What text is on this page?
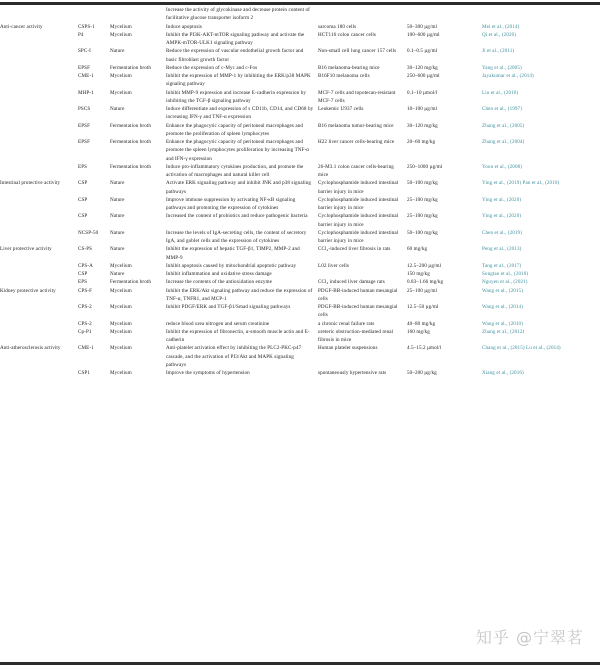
			Increase the activity of glycokinase and decrease protein content of facilitative glucose transporter isoform 2			
Anti-cancer activity	CSPS-1	Mycelium	Induce apoptosis	sarcoma 180 cells	50–300 µg/ml	Mei et al., (2014)
	P4	Mycelium	Inhibit the PI3K-AKT-mTOR signaling pathway and activate the AMPK-mTOR-ULK1 signaling pathway	HCT116 colon cancer cells	100–600 µg/ml	Qi et al., (2020)
	SPC-I	Nature	Reduce the expression of vascular endothelial growth factor and basic fibroblast growth factor	Non-small cell lung cancer 157 cells	0.1–0.5 µg/ml	Ji et al., (2011)
	EPSF	Fermentation broth	Reduce the expression of c-Myc and c-Fos	B16 melanoma-bearing mice	30–120 mg/kg	Yang et al., (2005)
	CME-1	Mycelium	Inhibit the expression of MMP-1 by inhibiting the ERK/p38 MAPK signaling pathway	B16F10 melanoma cells	250–600 µg/ml	Jayakumar et al., (2014)
	MHP-1	Mycelium	Inhibit MMP-9 expression and increase E-cadherin expression by inhibiting the TGF-β signaling pathway	MCF-7 cells and topotecan-resistant MCF-7 cells	0.1–10 µmol/l	Liu et al., (2016)
	PSCS	Nature	Induce differentiate and expression of s CD11b, CD14, and CD68 by increasing IFN-γ and TNF-α expression	Leukemic U937 cells	10–100 µg/ml	Chen et al., (1997)
	EPSF	Fermentation broth	Enhance the phagocytic capacity of peritoneal macrophages and promote the proliferation of spleen lymphocytes	B16 melanoma tumor-bearing mice	30–120 mg/kg	Zhang et al., (2005)
	EPSF	Fermentation broth	Enhance the phagocytic capacity of peritoneal macrophages and promote the spleen lymphocytes proliferation by increasing TNF-α and IFN-γ expression	H22 liver cancer cells-bearing mice	20–60 mg/kg	Zhang et al., (2004)
	EPS	Fermentation broth	Induce pro-inflammatory cytokines production, and promote the activation of macrophages and natural killer cell	26-M3.1 colon cancer cells-bearing mice	250–1000 µg/ml	Yoon et al., (2008)
Intestinal protective activity	CSP	Nature	Activate ERK signaling pathway and inhibit JNK and p38 signaling pathways	Cyclophosphamide induced intestinal barrier injury in mice	50–100 mg/kg	Ying et al., (2019) Pan et al., (2010)
	CSP	Nature	Improve immune suppression by activating NF-κB signaling pathways and promoting the expression of cytokines	Cyclophosphamide induced intestinal barrier injury in mice	25–100 mg/kg	Ying et al., (2020)
	CSP	Nature	Increased the content of probiotics and reduce pathogenic bacteria	Cyclophosphamide induced intestinal barrier injury in mice	25–100 mg/kg	Ying et al., (2020)
	NCSP-50	Nature	Increase the levels of IgA-secreting cells, the content of secretory IgA, and goblet cells and the expression of cytokines	Cyclophosphamide induced intestinal barrier injury in mice	50–100 mg/kg	Chen et al., (2019)
Liver protective activity	CS-PS	Nature	Inhibit the expression of hepatic TGF-β1, TIMP2, MMP-2 and MMP-9	CCl₄-induced liver fibrosis in rats	60 mg/kg	Peng et al., (2013)
	CPS-A	Mycelium	Inhibit apoptosis caused by mitochondrial apoptotic pathway	L02 liver cells	12.5–200 µg/ml	Tang et al., (2017)
	CSP	Nature	Inhibit inflammation and oxidative stress damage		150 mg/kg	Songtao et al., (2010)
	EPS	Fermentation broth	Increase the contents of the antioxidation enzyme	CCl₄ induced liver damage rats	0.83–1.66 mg/kg	Nguyen et al., (2021)
Kidney protective activity	CPS-F	Mycelium	Inhibit the ERK/Akt signaling pathway and reduce the expression of TNF-α, TNFR1, and MCP-1	PDGF-BB-induced human mesangial cells	25–100 µg/ml	Wang et al., (2015)
	CPS-2	Mycelium	Inhibit PDGF/ERK and TGF-β1/Smad signaling pathways	PDGF-BB-induced human mesangial cells	12.5–50 µg/ml	Wang et al., (2014)
	CPS-2	Mycelium	reduce blood urea nitrogen and serum creatinine	a chronic renal failure rats	40–80 mg/kg	Wang et al., (2010)
	Cp-P1	Mycelium	Inhibit the expression of fibronectin, α-smooth muscle actin and E-cadherin	ureteric obstruction-mediated renal fibrosis in mice	160 mg/kg	Zhang et al., (2012)
Anti-atherosclerosis activity	CME-1	Mycelium	Anti-platelet activation effect by inhibiting the PLC2-PKC-p47 cascade, and the activation of PI3/Akt and MAPK signaling pathways	Human platelet suspensions	4.5–15.2 µmol/l	Chang et al., (2015) Lu et al., (2014)
	CSP1	Mycelium	Improve the symptoms of hypertension	spontaneously hypertensive rats	50–200 µg/kg	Xiang et al., (2016)
知乎 @宁翠茗
